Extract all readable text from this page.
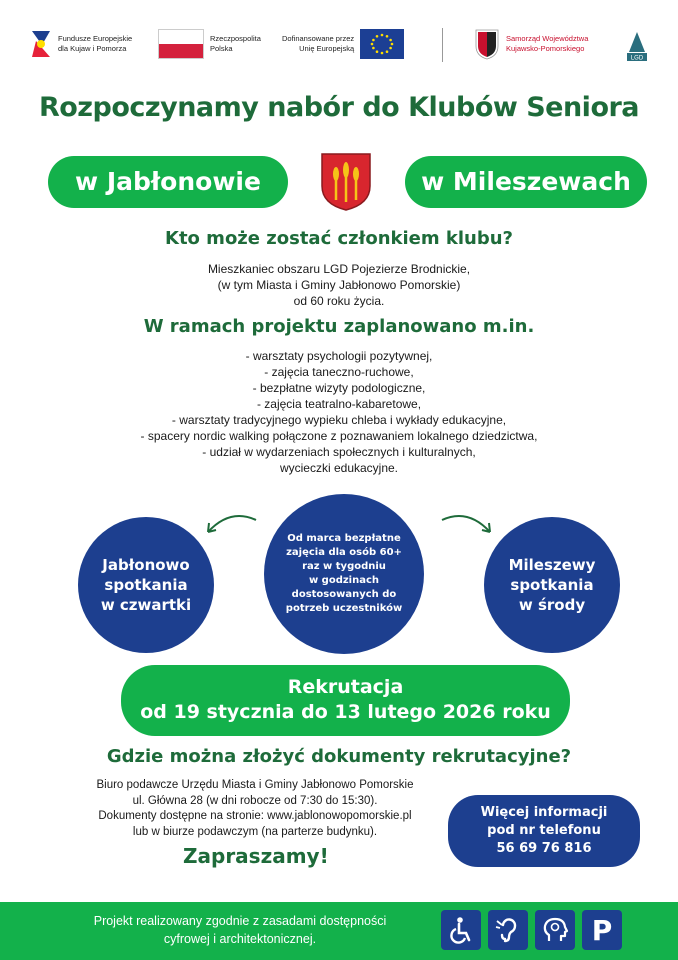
Fundusze Europejskie
dla Kujaw i Pomorza
Rzeczpospolita
Polska
Dofinansowane przez
Unię Europejską
Samorząd Województwa
Kujawsko-Pomorskiego
LGD
Rozpoczynamy nabór do Klubów Seniora
w Jabłonowie	w Mileszewach
Kto może zostać członkiem klubu?
Mieszkaniec obszaru LGD Pojezierze Brodnickie,
(w tym Miasta i Gminy Jabłonowo Pomorskie)
od 60 roku życia.
W ramach projektu zaplanowano m.in.
- warsztaty psychologii pozytywnej,
- zajęcia taneczno-ruchowe,
- bezpłatne wizyty podologiczne,
- zajęcia teatralno-kabaretowe,
- warsztaty tradycyjnego wypieku chleba i wykłady edukacyjne,
- spacery nordic walking połączone z poznawaniem lokalnego dziedzictwa,
- udział w wydarzeniach społecznych i kulturalnych,
wycieczki edukacyjne.
Jabłonowo
spotkania
w czwartki
Od marca bezpłatne
zajęcia dla osób 60+
raz w tygodniu
w godzinach
dostosowanych do
potrzeb uczestników
Mileszewy
spotkania
w środy
Rekrutacja
od 19 stycznia do 13 lutego 2026 roku
Gdzie można złożyć dokumenty rekrutacyjne?
Biuro podawcze Urzędu Miasta i Gminy Jabłonowo Pomorskie
ul. Główna 28 (w dni robocze od 7:30 do 15:30).
Dokumenty dostępne na stronie: www.jablonowopomorskie.pl
lub w biurze podawczym (na parterze budynku).
Więcej informacji
pod nr telefonu
56 69 76 816
Zapraszamy!
Projekt realizowany zgodnie z zasadami dostępności
cyfrowej i architektonicznej.	P
